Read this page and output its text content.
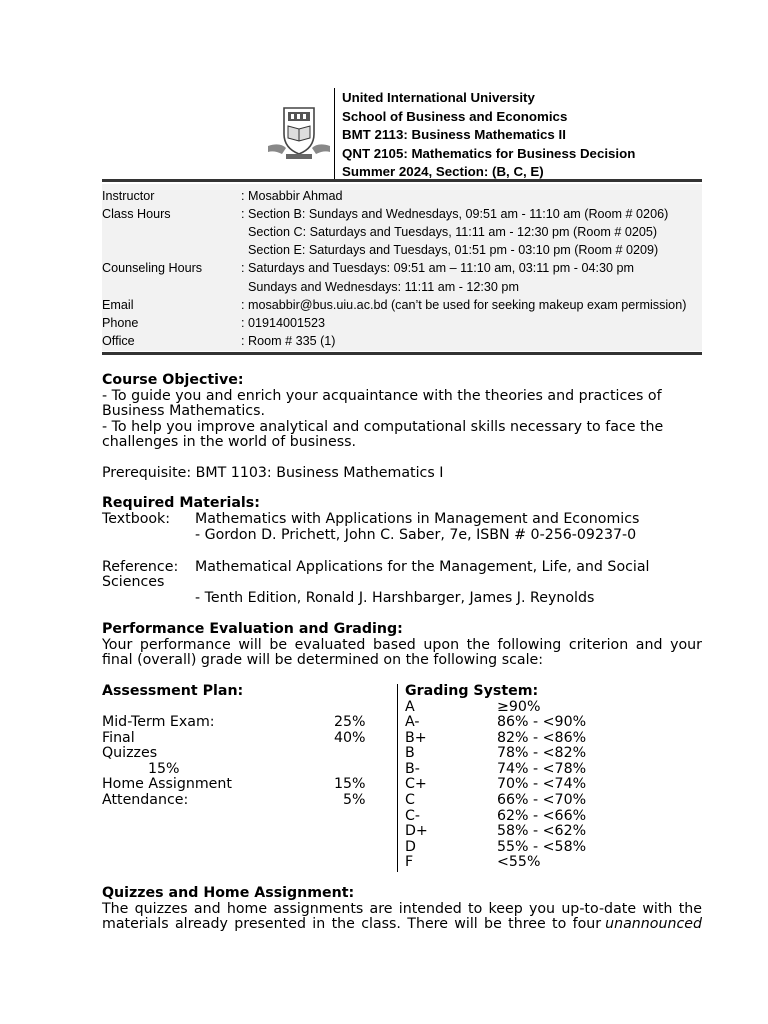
United International University
School of Business and Economics
BMT 2113: Business Mathematics II
QNT 2105: Mathematics for Business Decision
Summer 2024, Section: (B, C, E)
Instructor	: Mosabbir Ahmad
Class Hours	: Section B: Sundays and Wednesdays, 09:51 am - 11:10 am (Room # 0206)
Section C: Saturdays and Tuesdays, 11:11 am - 12:30 pm (Room # 0205)
Section E: Saturdays and Tuesdays, 01:51 pm - 03:10 pm (Room # 0209)
Counseling Hours	: Saturdays and Tuesdays: 09:51 am – 11:10 am, 03:11 pm - 04:30 pm
Sundays and Wednesdays: 11:11 am - 12:30 pm
Email	: mosabbir@bus.uiu.ac.bd (can’t be used for seeking makeup exam permission)
Phone	: 01914001523
Office	: Room # 335 (1)
Course Objective:
- To guide you and enrich your acquaintance with the theories and practices of
Business Mathematics.
- To help you improve analytical and computational skills necessary to face the
challenges in the world of business.
Prerequisite: BMT 1103: Business Mathematics I
Required Materials:
Textbook: Mathematics with Applications in Management and Economics
- Gordon D. Prichett, John C. Saber, 7e, ISBN # 0-256-09237-0
Reference: Mathematical Applications for the Management, Life, and Social
Sciences
- Tenth Edition, Ronald J. Harshbarger, James J. Reynolds
Performance Evaluation and Grading:
Your performance will be evaluated based upon the following criterion and your
final (overall) grade will be determined on the following scale:
Assessment Plan:
Mid-Term Exam:	25%
Final	40%
Quizzes
15%
Home Assignment	15%
Attendance:	5%
Grading System:
A	≥90%
A-	86% - <90%
B+	82% - <86%
B	78% - <82%
B-	74% - <78%
C+	70% - <74%
C	66% - <70%
C-	62% - <66%
D+	58% - <62%
D	55% - <58%
F	<55%
Quizzes and Home Assignment:
The quizzes and home assignments are intended to keep you up-to-date with the
materials already presented in the class. There will be three to four unannounced
